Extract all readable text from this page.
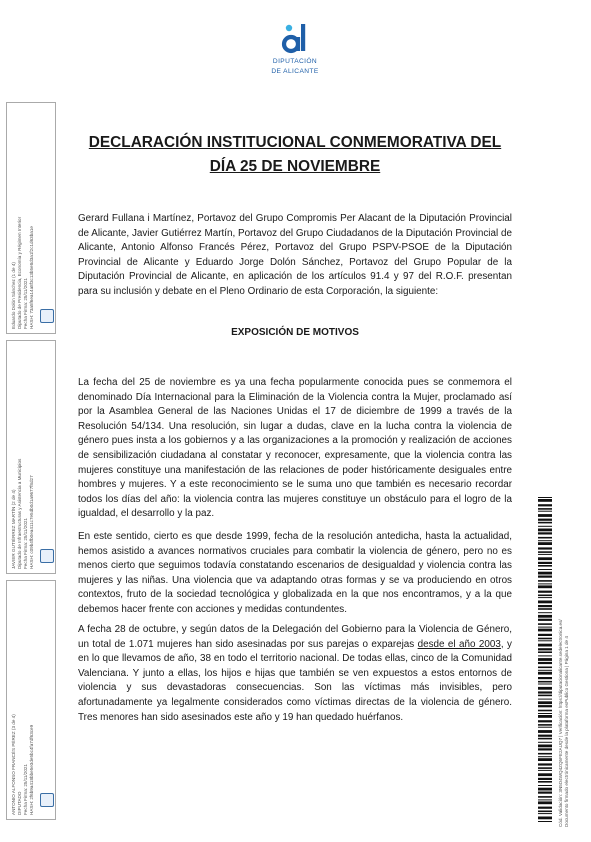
DIPUTACIÓN
DE ALICANTE
DECLARACIÓN INSTITUCIONAL CONMEMORATIVA DEL
DÍA 25 DE NOVIEMBRE
Gerard Fullana i Martínez, Portavoz del Grupo Compromis Per Alacant de la Diputación Provincial de Alicante, Javier Gutiérrez Martín, Portavoz del Grupo Ciudadanos de la Diputación Provincial de Alicante, Antonio Alfonso Francés Pérez, Portavoz del Grupo PSPV-PSOE de la Diputación Provincial de Alicante y Eduardo Jorge Dolón Sánchez, Portavoz del Grupo Popular de la Diputación Provincial de Alicante, en aplicación de los artículos 91.4 y 97 del R.O.F. presentan para su inclusión y debate en el Pleno Ordinario de esta Corporación, la siguiente:
EXPOSICIÓN DE MOTIVOS
La fecha del 25 de noviembre es ya una fecha popularmente conocida pues se conmemora el denominado Día Internacional para la Eliminación de la Violencia contra la Mujer, proclamado así por la Asamblea General de las Naciones Unidas el 17 de diciembre de 1999 a través de la Resolución 54/134. Una resolución, sin lugar a dudas, clave en la lucha contra la violencia de género pues insta a los gobiernos y a las organizaciones a la promoción y realización de acciones de sensibilización ciudadana al constatar y reconocer, expresamente, que la violencia contra las mujeres constituye una manifestación de las relaciones de poder históricamente desiguales entre hombres y mujeres. Y a este reconocimiento se le suma uno que también es necesario recordar todos los días del año: la violencia contra las mujeres constituye un obstáculo para el logro de la igualdad, el desarrollo y la paz.
En este sentido, cierto es que desde 1999, fecha de la resolución antedicha, hasta la actualidad, hemos asistido a avances normativos cruciales para combatir la violencia de género, pero no es menos cierto que seguimos todavía constatando escenarios de desigualdad y violencia contra las mujeres y las niñas. Una violencia que va adaptando otras formas y se va produciendo en otros contextos, fruto de la sociedad tecnológica y globalizada en la que nos encontramos, y a la que debemos hacer frente con acciones y medidas contundentes.
A fecha 28 de octubre, y según datos de la Delegación del Gobierno para la Violencia de Género, un total de 1.071 mujeres han sido asesinadas por sus parejas o exparejas desde el año 2003, y en lo que llevamos de año, 38 en todo el territorio nacional. De todas ellas, cinco de la Comunidad Valenciana. Y junto a ellas, los hijos e hijas que también se ven expuestos a estos entornos de violencia y sus devastadoras consecuencias. Son las víctimas más invisibles, pero afortunadamente ya legalmente considerados como víctimas directas de la violencia de género. Tres menores han sido asesinados este año y 19 han quedado huérfanos.
Eduardo Dolón Sánchez (1 de 4)
Diputado de Presidencia, Economía y Régimen Interior
Fecha Firma: 25/11/2021
HASH: 73a5f6ea14a8f3c13b5e8d3a1f2c1d63ba1e
JAVIER GUTIÉRREZ MARTÍN (2 de 4)
Diputado de Infraestructuras y Asistencia a Municipios
Fecha Firma: 25/11/2021
HASH: c09b4fb0ea411c7e5db0d1a9677f8d27
ANTONIO ALFONSO FRANCÉS PÉREZ (3 de 4)
DIPUTADO
Fecha Firma: 25/11/2021
HASH: 2f6b9a418bbe5e3de5bc4fa7df63ce9
Cód. Validación: 3N5D4WQ4ZQ5FE2AUQ7 | Verificación: https://diputacionalicante.sedelectronica.es/
Documento firmado electrónicamente desde la plataforma esPublico Gestiona | Página 1 de 4
